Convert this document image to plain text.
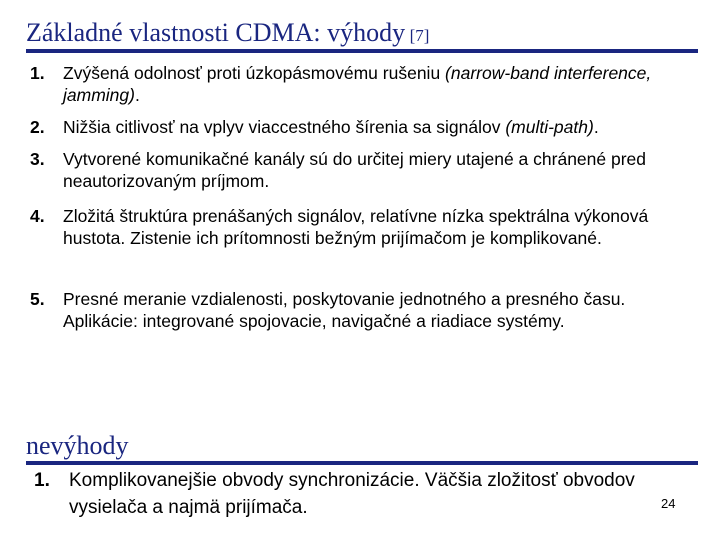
Základné vlastnosti CDMA: výhody [7]
1. Zvýšená odolnosť proti úzkopásmovému rušeniu (narrow-band interference, jamming).
2. Nižšia citlivosť na vplyv viaccestného šírenia sa signálov (multi-path).
3. Vytvorené komunikačné kanály sú do určitej miery utajené a chránené pred neautorizovaným príjmom.
4. Zložitá štruktúra prenášaných signálov, relatívne nízka spektrálna výkonová hustota. Zistenie ich prítomnosti bežným prijímačom je komplikované.
5. Presné meranie vzdialenosti, poskytovanie jednotného a presného času. Aplikácie: integrované spojovacie, navigačné a riadiace systémy.
nevýhody
1. Komplikovanejšie obvody synchronizácie. Väčšia zložitosť obvodov vysielača a najmä prijímača.	24
